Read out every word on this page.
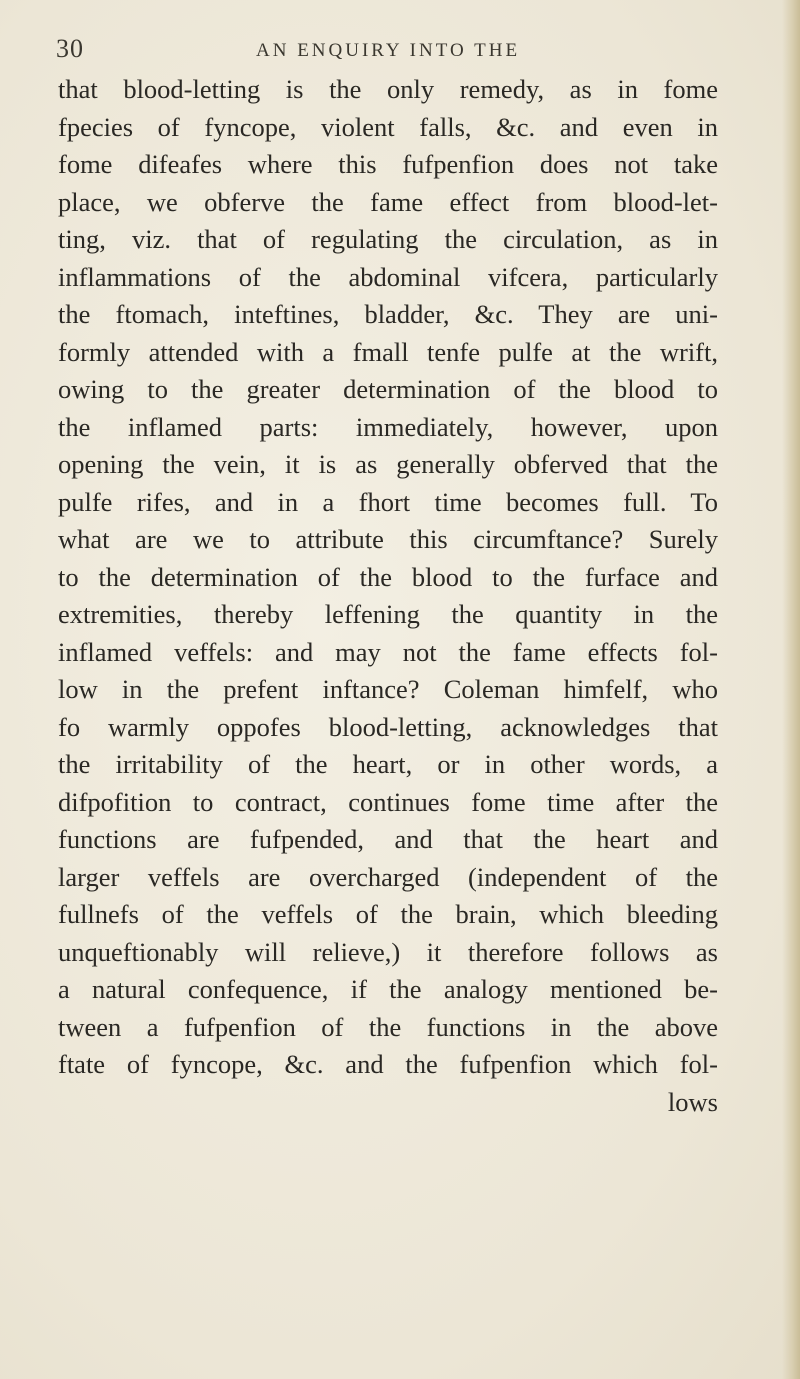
30	AN ENQUIRY INTO THE
that blood-letting is the only remedy, as in fome
fpecies of fyncope, violent falls, &c. and even in
fome difeafes where this fufpenfion does not take
place, we obferve the fame effect from blood-let-
ting, viz. that of regulating the circulation, as in
inflammations of the abdominal vifcera, particularly
the ftomach, inteftines, bladder, &c. They are uni-
formly attended with a fmall tenfe pulfe at the wrift,
owing to the greater determination of the blood to
the inflamed parts: immediately, however, upon
opening the vein, it is as generally obferved that the
pulfe rifes, and in a fhort time becomes full. To
what are we to attribute this circumftance? Surely
to the determination of the blood to the furface and
extremities, thereby leffening the quantity in the
inflamed veffels: and may not the fame effects fol-
low in the prefent inftance? Coleman himfelf, who
fo warmly oppofes blood-letting, acknowledges that
the irritability of the heart, or in other words, a
difpofition to contract, continues fome time after the
functions are fufpended, and that the heart and
larger veffels are overcharged (independent of the
fullnefs of the veffels of the brain, which bleeding
unqueftionably will relieve,) it therefore follows as
a natural confequence, if the analogy mentioned be-
tween a fufpenfion of the functions in the above
ftate of fyncope, &c. and the fufpenfion which fol-
lows
